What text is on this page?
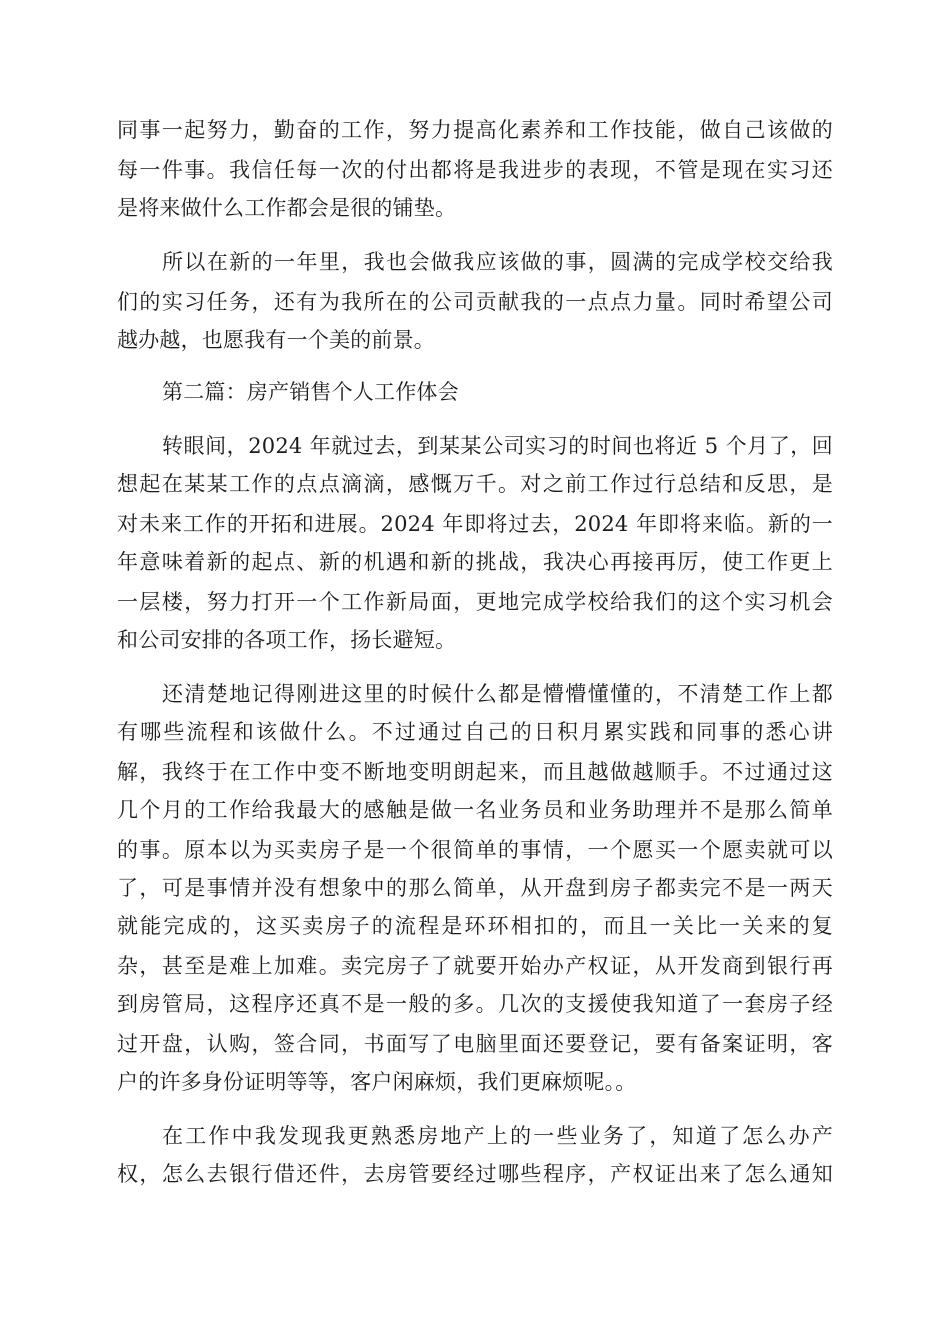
同事一起努力，勤奋的工作，努力提高化素养和工作技能，做自己该做的

每一件事。我信任每一次的付出都将是我进步的表现，不管是现在实习还

是将来做什么工作都会是很的铺垫。

所以在新的一年里，我也会做我应该做的事，圆满的完成学校交给我

们的实习任务，还有为我所在的公司贡献我的一点点力量。同时希望公司

越办越，也愿我有一个美的前景。

第二篇：房产销售个人工作体会

转眼间，2024 年就过去，到某某公司实习的时间也将近 5 个月了，回

想起在某某工作的点点滴滴，感慨万千。对之前工作过行总结和反思，是

对未来工作的开拓和进展。2024 年即将过去，2024 年即将来临。新的一

年意味着新的起点、新的机遇和新的挑战，我决心再接再厉，使工作更上

一层楼，努力打开一个工作新局面，更地完成学校给我们的这个实习机会

和公司安排的各项工作，扬长避短。

还清楚地记得刚进这里的时候什么都是懵懵懂懂的，不清楚工作上都

有哪些流程和该做什么。不过通过自己的日积月累实践和同事的悉心讲

解，我终于在工作中变不断地变明朗起来，而且越做越顺手。不过通过这

几个月的工作给我最大的感触是做一名业务员和业务助理并不是那么简单

的事。原本以为买卖房子是一个很简单的事情，一个愿买一个愿卖就可以

了，可是事情并没有想象中的那么简单，从开盘到房子都卖完不是一两天

就能完成的，这买卖房子的流程是环环相扣的，而且一关比一关来的复

杂，甚至是难上加难。卖完房子了就要开始办产权证，从开发商到银行再

到房管局，这程序还真不是一般的多。几次的支援使我知道了一套房子经

过开盘，认购，签合同，书面写了电脑里面还要登记，要有备案证明，客

户的许多身份证明等等，客户闲麻烦，我们更麻烦呢。。

在工作中我发现我更熟悉房地产上的一些业务了，知道了怎么办产

权，怎么去银行借还件，去房管要经过哪些程序，产权证出来了怎么通知
